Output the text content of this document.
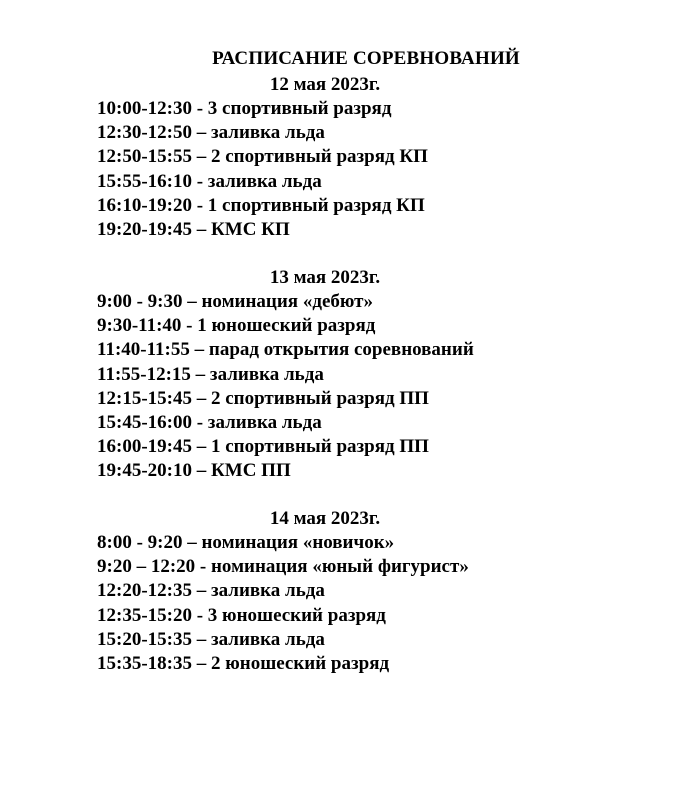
РАСПИСАНИЕ СОРЕВНОВАНИЙ
12 мая 2023г.
10:00-12:30 - 3 спортивный разряд
12:30-12:50 – заливка льда
12:50-15:55 – 2 спортивный разряд КП
15:55-16:10 - заливка льда
16:10-19:20 - 1 спортивный разряд КП
19:20-19:45 – КМС КП
13 мая 2023г.
9:00 - 9:30 – номинация «дебют»
9:30-11:40 - 1 юношеский разряд
11:40-11:55 – парад открытия соревнований
11:55-12:15 – заливка льда
12:15-15:45 – 2 спортивный разряд ПП
15:45-16:00 - заливка льда
16:00-19:45 – 1 спортивный разряд ПП
19:45-20:10 – КМС ПП
14 мая 2023г.
8:00 - 9:20 – номинация «новичок»
9:20 – 12:20 - номинация «юный фигурист»
12:20-12:35 – заливка льда
12:35-15:20 - 3 юношеский разряд
15:20-15:35 – заливка льда
15:35-18:35 – 2 юношеский разряд
